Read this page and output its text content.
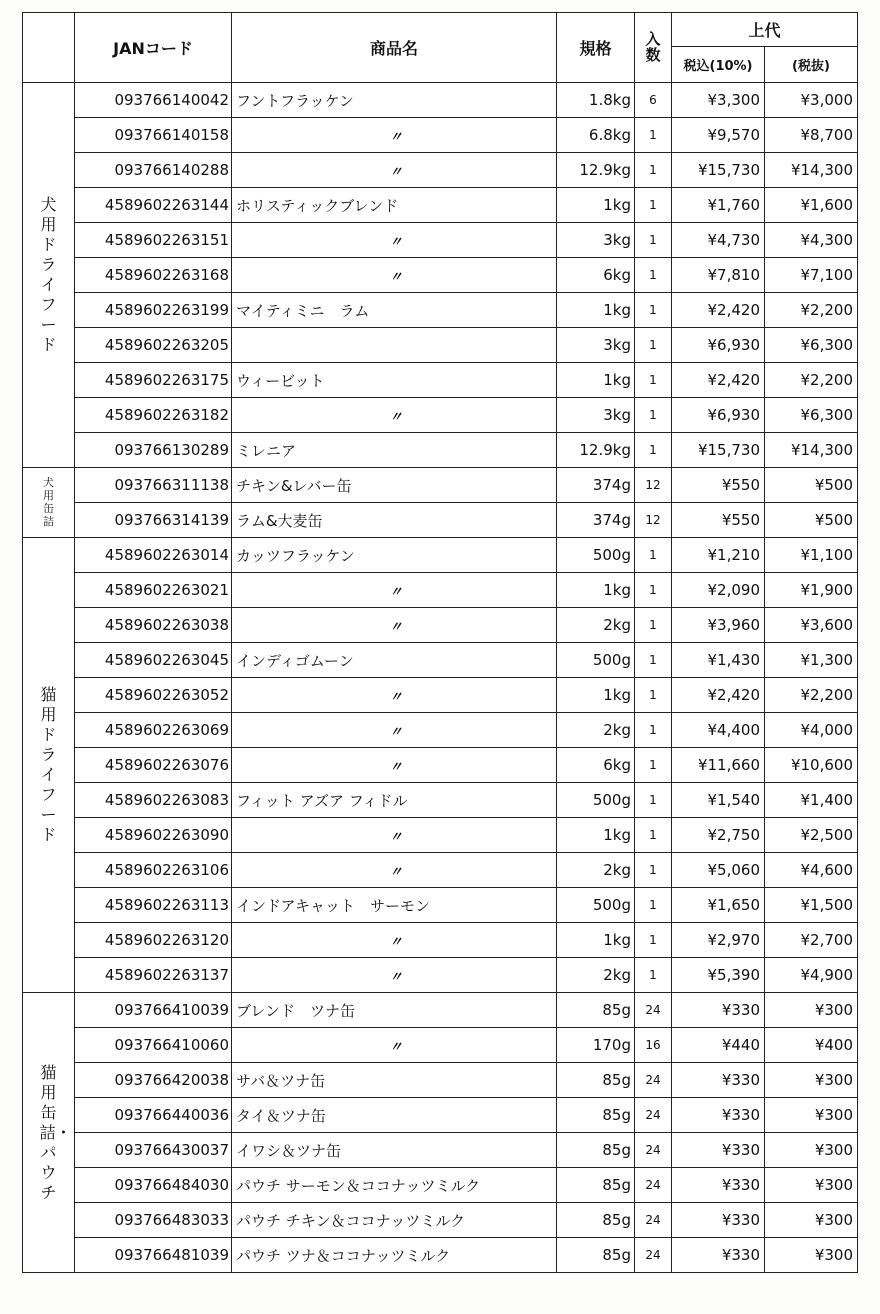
	JANコード	商品名	規格	入数	上代	
					税込(10%)	(税抜)
犬用ドライフード	093766140042	フントフラッケン	1.8kg	6	¥3,300	¥3,000
	093766140158	〃	6.8kg	1	¥9,570	¥8,700
	093766140288	〃	12.9kg	1	¥15,730	¥14,300
	4589602263144	ホリスティックブレンド	1kg	1	¥1,760	¥1,600
	4589602263151	〃	3kg	1	¥4,730	¥4,300
	4589602263168	〃	6kg	1	¥7,810	¥7,100
	4589602263199	マイティミニ　ラム	1kg	1	¥2,420	¥2,200
	4589602263205		3kg	1	¥6,930	¥6,300
	4589602263175	ウィービット	1kg	1	¥2,420	¥2,200
	4589602263182	〃	3kg	1	¥6,930	¥6,300
	093766130289	ミレニア	12.9kg	1	¥15,730	¥14,300
犬用缶詰	093766311138	チキン&レバー缶	374g	12	¥550	¥500
	093766314139	ラム&大麦缶	374g	12	¥550	¥500
猫用ドライフード	4589602263014	カッツフラッケン	500g	1	¥1,210	¥1,100
	4589602263021	〃	1kg	1	¥2,090	¥1,900
	4589602263038	〃	2kg	1	¥3,960	¥3,600
	4589602263045	インディゴムーン	500g	1	¥1,430	¥1,300
	4589602263052	〃	1kg	1	¥2,420	¥2,200
	4589602263069	〃	2kg	1	¥4,400	¥4,000
	4589602263076	〃	6kg	1	¥11,660	¥10,600
	4589602263083	フィット アズア フィドル	500g	1	¥1,540	¥1,400
	4589602263090	〃	1kg	1	¥2,750	¥2,500
	4589602263106	〃	2kg	1	¥5,060	¥4,600
	4589602263113	インドアキャット　サーモン	500g	1	¥1,650	¥1,500
	4589602263120	〃	1kg	1	¥2,970	¥2,700
	4589602263137	〃	2kg	1	¥5,390	¥4,900
猫用缶詰・パウチ	093766410039	ブレンド　ツナ缶	85g	24	¥330	¥300
	093766410060	〃	170g	16	¥440	¥400
	093766420038	サバ＆ツナ缶	85g	24	¥330	¥300
	093766440036	タイ＆ツナ缶	85g	24	¥330	¥300
	093766430037	イワシ＆ツナ缶	85g	24	¥330	¥300
	093766484030	パウチ サーモン＆ココナッツミルク	85g	24	¥330	¥300
	093766483033	パウチ チキン＆ココナッツミルク	85g	24	¥330	¥300
	093766481039	パウチ ツナ＆ココナッツミルク	85g	24	¥330	¥300
